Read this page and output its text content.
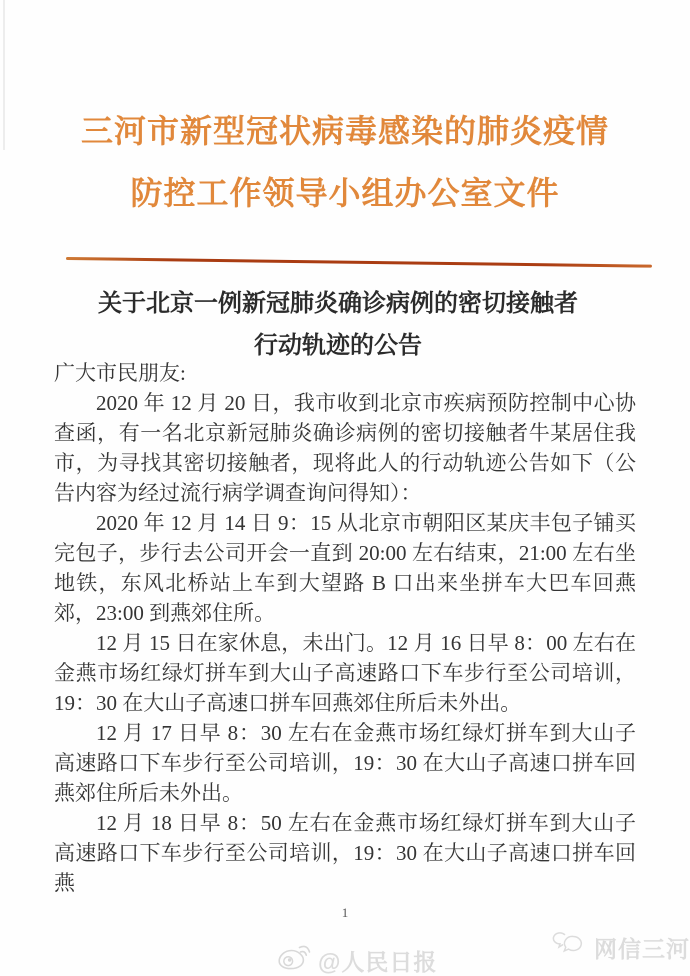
三河市新型冠状病毒感染的肺炎疫情
防控工作领导小组办公室文件
关于北京一例新冠肺炎确诊病例的密切接触者
行动轨迹的公告

广大市民朋友:

2020 年 12 月 20 日，我市收到北京市疾病预防控制中心协查函，有一名北京新冠肺炎确诊病例的密切接触者牛某居住我市，为寻找其密切接触者，现将此人的行动轨迹公告如下（公告内容为经过流行病学调查询问得知）：

2020 年 12 月 14 日 9：15 从北京市朝阳区某庆丰包子铺买完包子，步行去公司开会一直到 20:00 左右结束，21:00 左右坐地铁，东风北桥站上车到大望路 B 口出来坐拼车大巴车回燕郊，23:00 到燕郊住所。

12 月 15 日在家休息，未出门。12 月 16 日早 8：00 左右在金燕市场红绿灯拼车到大山子高速路口下车步行至公司培训，19：30 在大山子高速口拼车回燕郊住所后未外出。

12 月 17 日早 8：30 左右在金燕市场红绿灯拼车到大山子高速路口下车步行至公司培训，19：30 在大山子高速口拼车回燕郊住所后未外出。

12 月 18 日早 8：50 左右在金燕市场红绿灯拼车到大山子高速路口下车步行至公司培训，19：30 在大山子高速口拼车回燕

1
@人民日报	网信三河
